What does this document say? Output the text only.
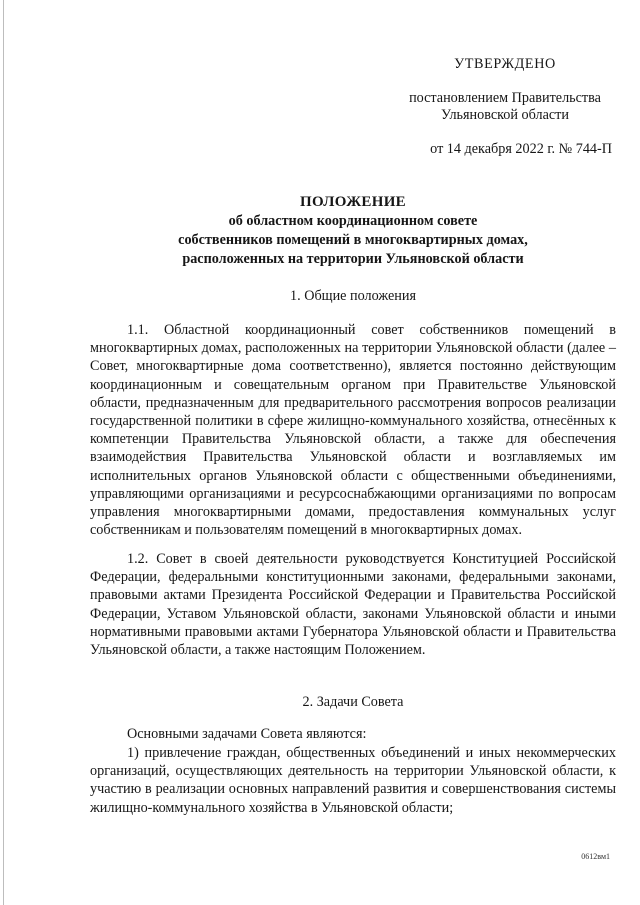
УТВЕРЖДЕНО
постановлением Правительства
Ульяновской области
от 14 декабря 2022 г. № 744-П
ПОЛОЖЕНИЕ
об областном координационном совете
собственников помещений в многоквартирных домах,
расположенных на территории Ульяновской области
1. Общие положения

1.1. Областной координационный совет собственников помещений в многоквартирных домах, расположенных на территории Ульяновской области (далее – Совет, многоквартирные дома соответственно), является постоянно действующим координационным и совещательным органом при Правительстве Ульяновской области, предназначенным для предварительного рассмотрения вопросов реализации государственной политики в сфере жилищно-коммунального хозяйства, отнесённых к компетенции Правительства Ульяновской области, а также для обеспечения взаимодействия Правительства Ульяновской области и возглавляемых им исполнительных органов Ульяновской области с общественными объединениями, управляющими организациями и ресурсоснабжающими организациями по вопросам управления многоквартирными домами, предоставления коммунальных услуг собственникам и пользователям помещений в многоквартирных домах.

1.2. Совет в своей деятельности руководствуется Конституцией Российской Федерации, федеральными конституционными законами, федеральными законами, правовыми актами Президента Российской Федерации и Правительства Российской Федерации, Уставом Ульяновской области, законами Ульяновской области и иными нормативными правовыми актами Губернатора Ульяновской области и Правительства Ульяновской области, а также настоящим Положением.

2. Задачи Совета

Основными задачами Совета являются:

1) привлечение граждан, общественных объединений и иных некоммерческих организаций, осуществляющих деятельность на территории Ульяновской области, к участию в реализации основных направлений развития и совершенствования системы жилищно-коммунального хозяйства в Ульяновской области;

0612вм1
